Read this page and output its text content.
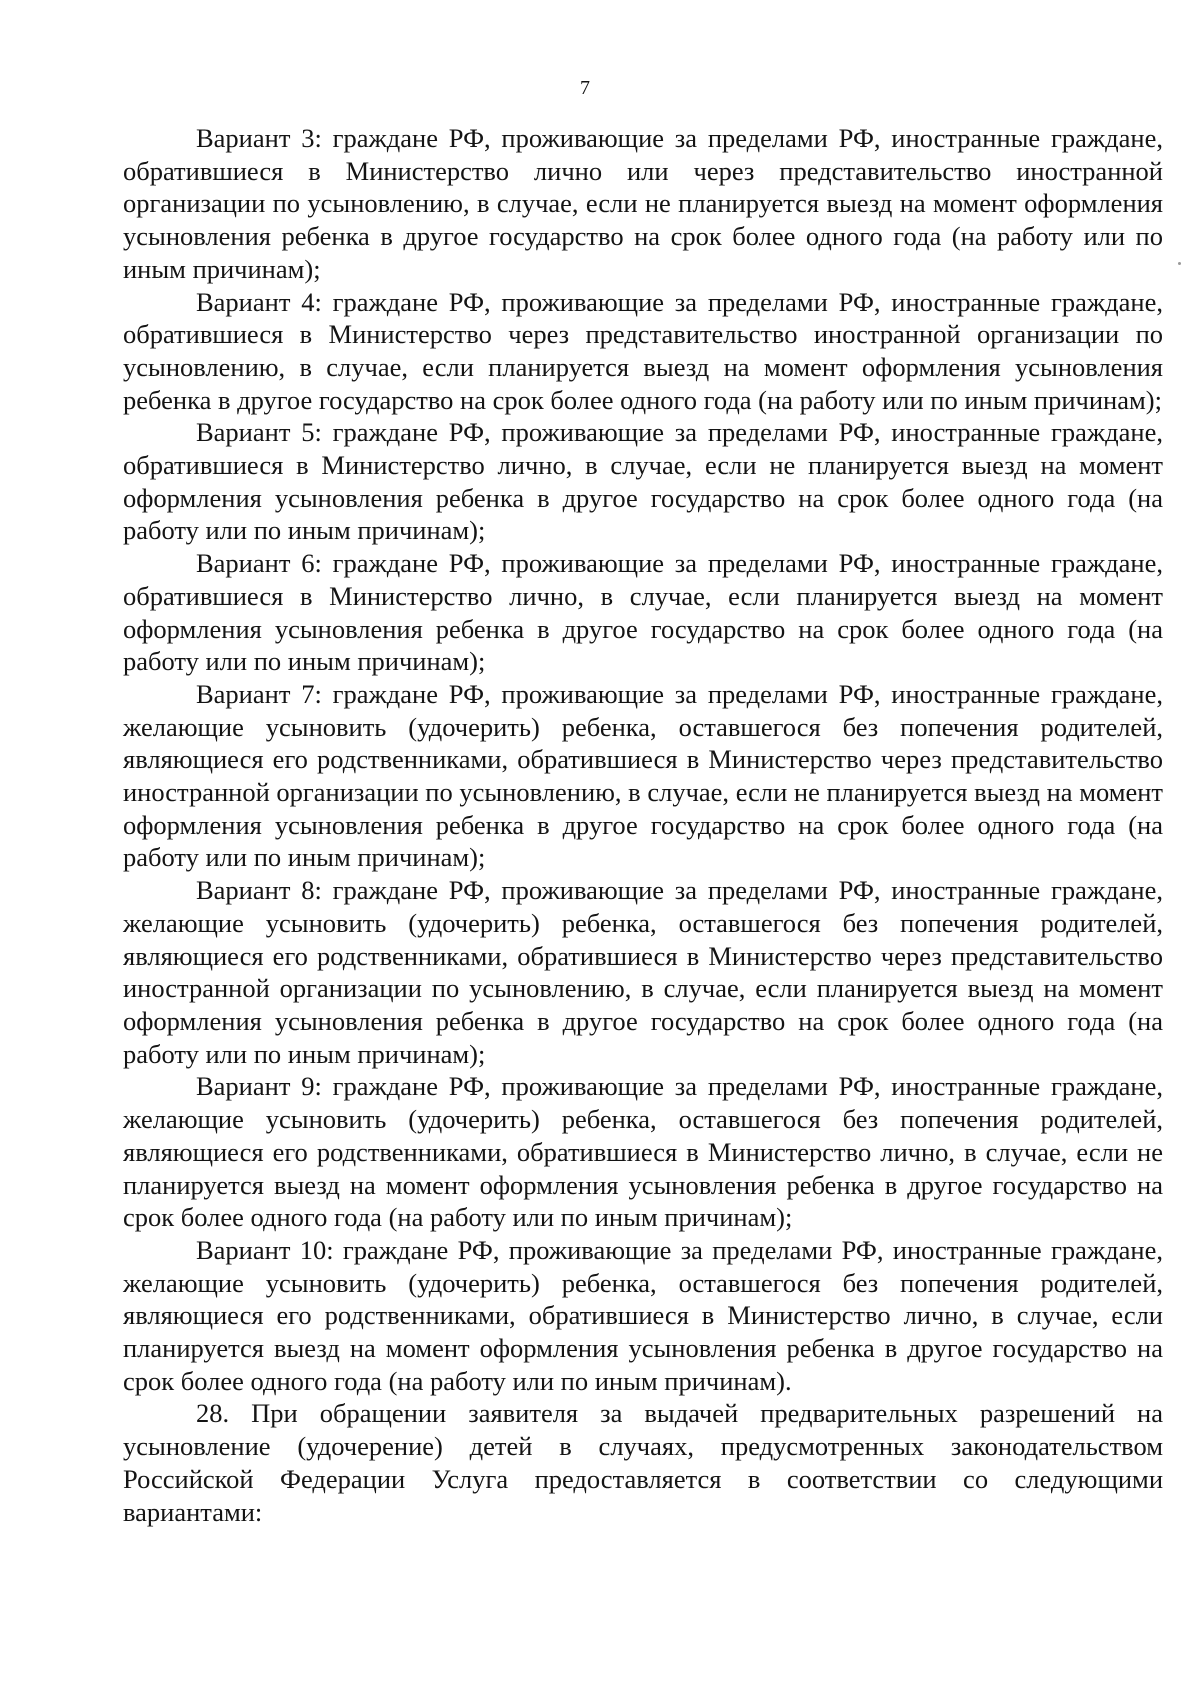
7

Вариант 3: граждане РФ, проживающие за пределами РФ, иностранные граждане, обратившиеся в Министерство лично или через представительство иностранной организации по усыновлению, в случае, если не планируется выезд на момент оформления усыновления ребенка в другое государство на срок более одного года (на работу или по иным причинам);

Вариант 4: граждане РФ, проживающие за пределами РФ, иностранные граждане, обратившиеся в Министерство через представительство иностранной организации по усыновлению, в случае, если планируется выезд на момент оформления усыновления ребенка в другое государство на срок более одного года (на работу или по иным причинам);

Вариант 5: граждане РФ, проживающие за пределами РФ, иностранные граждане, обратившиеся в Министерство лично, в случае, если не планируется выезд на момент оформления усыновления ребенка в другое государство на срок более одного года (на работу или по иным причинам);

Вариант 6: граждане РФ, проживающие за пределами РФ, иностранные граждане, обратившиеся в Министерство лично, в случае, если планируется выезд на момент оформления усыновления ребенка в другое государство на срок более одного года (на работу или по иным причинам);

Вариант 7: граждане РФ, проживающие за пределами РФ, иностранные граждане, желающие усыновить (удочерить) ребенка, оставшегося без попечения родителей, являющиеся его родственниками, обратившиеся в Министерство через представительство иностранной организации по усыновлению, в случае, если не планируется выезд на момент оформления усыновления ребенка в другое государство на срок более одного года (на работу или по иным причинам);

Вариант 8: граждане РФ, проживающие за пределами РФ, иностранные граждане, желающие усыновить (удочерить) ребенка, оставшегося без попечения родителей, являющиеся его родственниками, обратившиеся в Министерство через представительство иностранной организации по усыновлению, в случае, если планируется выезд на момент оформления усыновления ребенка в другое государство на срок более одного года (на работу или по иным причинам);

Вариант 9: граждане РФ, проживающие за пределами РФ, иностранные граждане, желающие усыновить (удочерить) ребенка, оставшегося без попечения родителей, являющиеся его родственниками, обратившиеся в Министерство лично, в случае, если не планируется выезд на момент оформления усыновления ребенка в другое государство на срок более одного года (на работу или по иным причинам);

Вариант 10: граждане РФ, проживающие за пределами РФ, иностранные граждане, желающие усыновить (удочерить) ребенка, оставшегося без попечения родителей, являющиеся его родственниками, обратившиеся в Министерство лично, в случае, если планируется выезд на момент оформления усыновления ребенка в другое государство на срок более одного года (на работу или по иным причинам).

28. При обращении заявителя за выдачей предварительных разрешений на усыновление (удочерение) детей в случаях, предусмотренных законодательством Российской Федерации Услуга предоставляется в соответствии со следующими вариантами:
